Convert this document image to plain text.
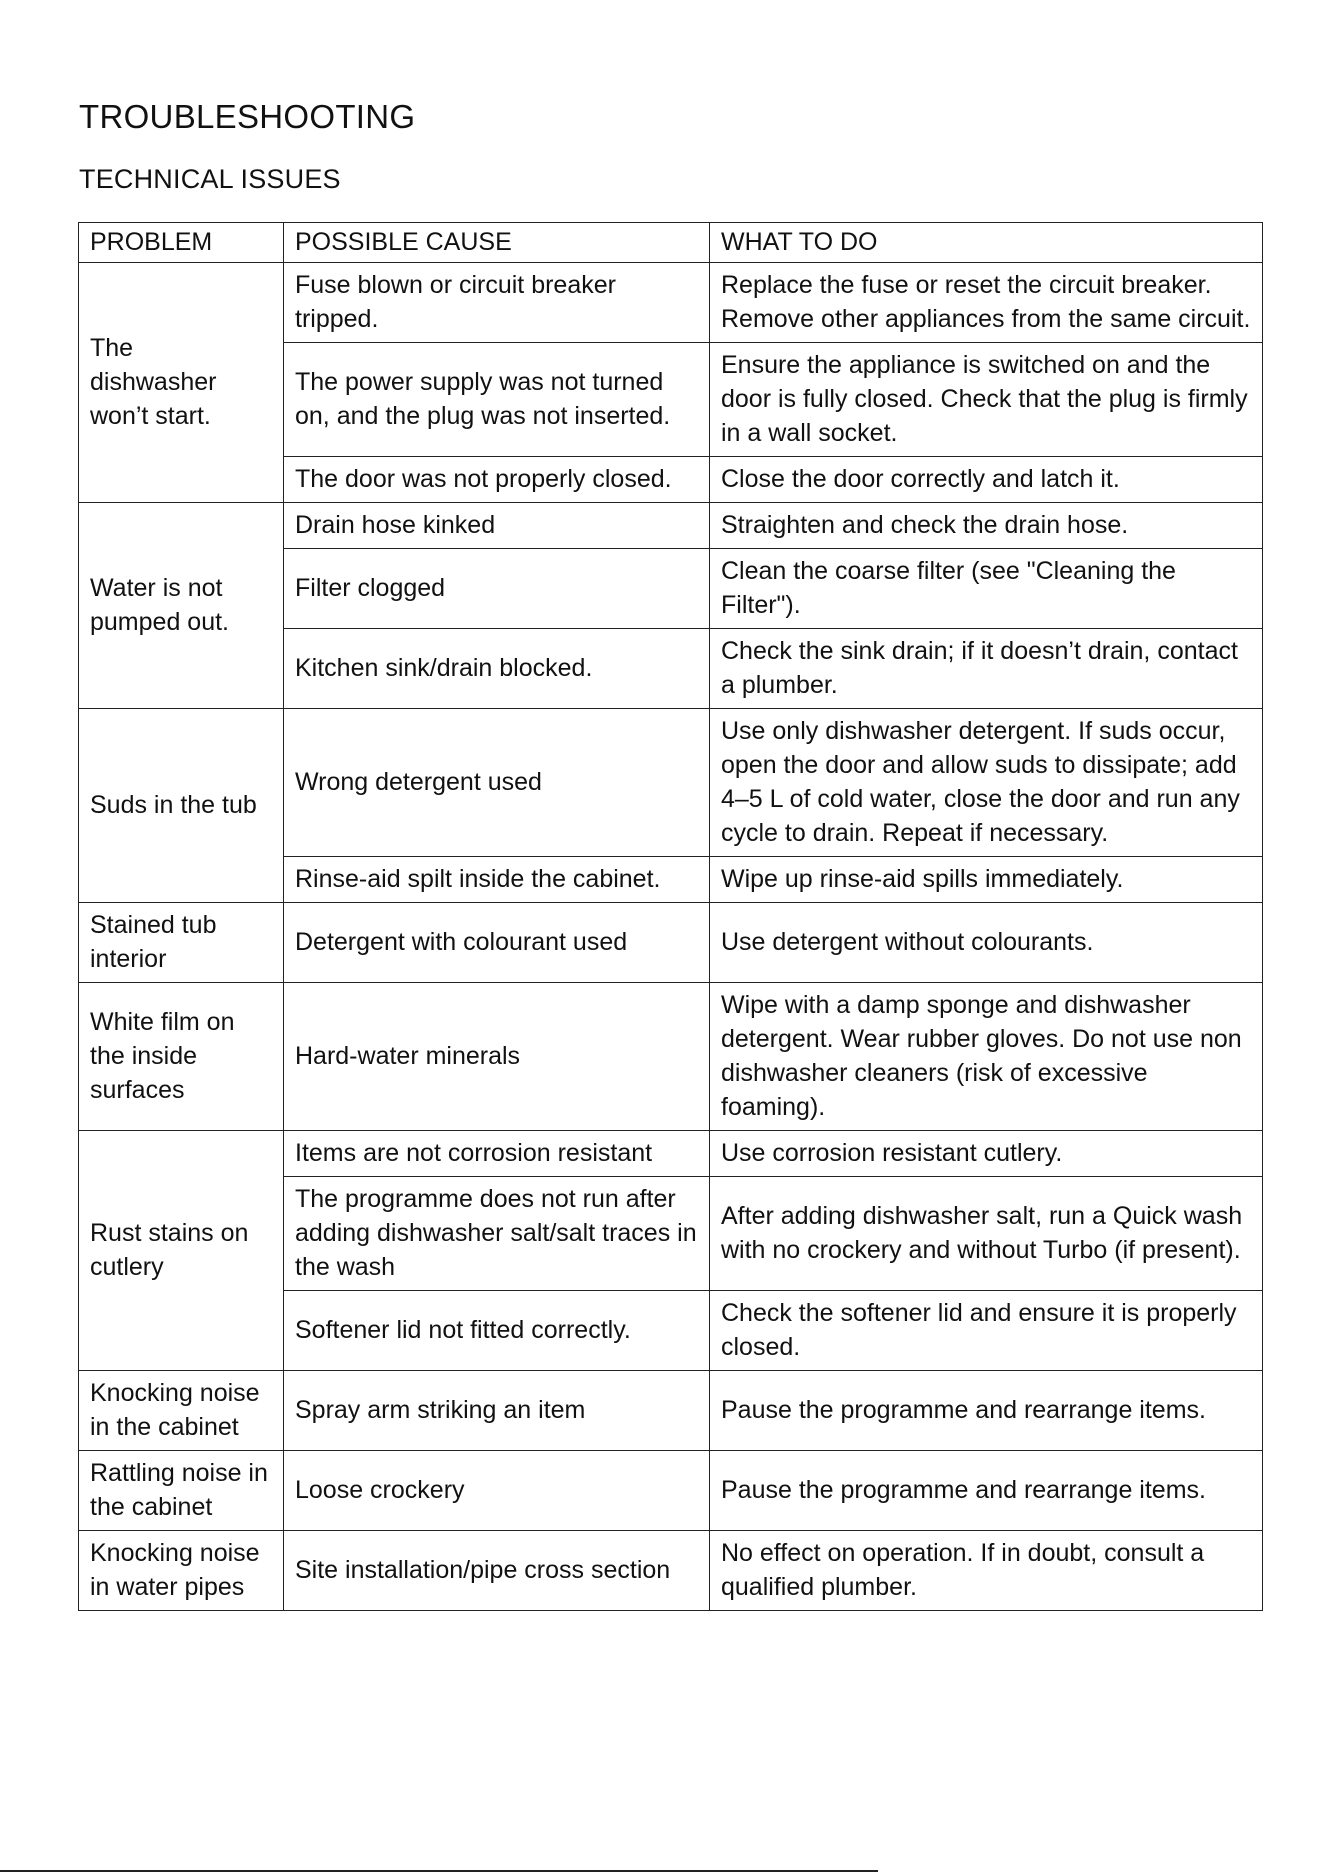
TROUBLESHOOTING
TECHNICAL ISSUES
PROBLEM	POSSIBLE CAUSE	WHAT TO DO
The dishwasher won’t start.	Fuse blown or circuit breaker tripped.	Replace the fuse or reset the circuit breaker. Remove other appliances from the same circuit.
	The power supply was not turned on, and the plug was not inserted.	Ensure the appliance is switched on and the door is fully closed. Check that the plug is firmly in a wall socket.
	The door was not properly closed.	Close the door correctly and latch it.
Water is not pumped out.	Drain hose kinked	Straighten and check the drain hose.
	Filter clogged	Clean the coarse filter (see "Cleaning the Filter").
	Kitchen sink/drain blocked.	Check the sink drain; if it doesn’t drain, contact a plumber.
Suds in the tub	Wrong detergent used	Use only dishwasher detergent. If suds occur, open the door and allow suds to dissipate; add 4–5 L of cold water, close the door and run any cycle to drain. Repeat if necessary.
	Rinse-aid spilt inside the cabinet.	Wipe up rinse-aid spills immediately.
Stained tub interior	Detergent with colourant used	Use detergent without colourants.
White film on the inside surfaces	Hard-water minerals	Wipe with a damp sponge and dishwasher detergent. Wear rubber gloves. Do not use non dishwasher cleaners (risk of excessive foaming).
Rust stains on cutlery	Items are not corrosion resistant	Use corrosion resistant cutlery.
	The programme does not run after adding dishwasher salt/salt traces in the wash	After adding dishwasher salt, run a Quick wash with no crockery and without Turbo (if present).
	Softener lid not fitted correctly.	Check the softener lid and ensure it is properly closed.
Knocking noise in the cabinet	Spray arm striking an item	Pause the programme and rearrange items.
Rattling noise in the cabinet	Loose crockery	Pause the programme and rearrange items.
Knocking noise in water pipes	Site installation/pipe cross section	No effect on operation. If in doubt, consult a qualified plumber.
